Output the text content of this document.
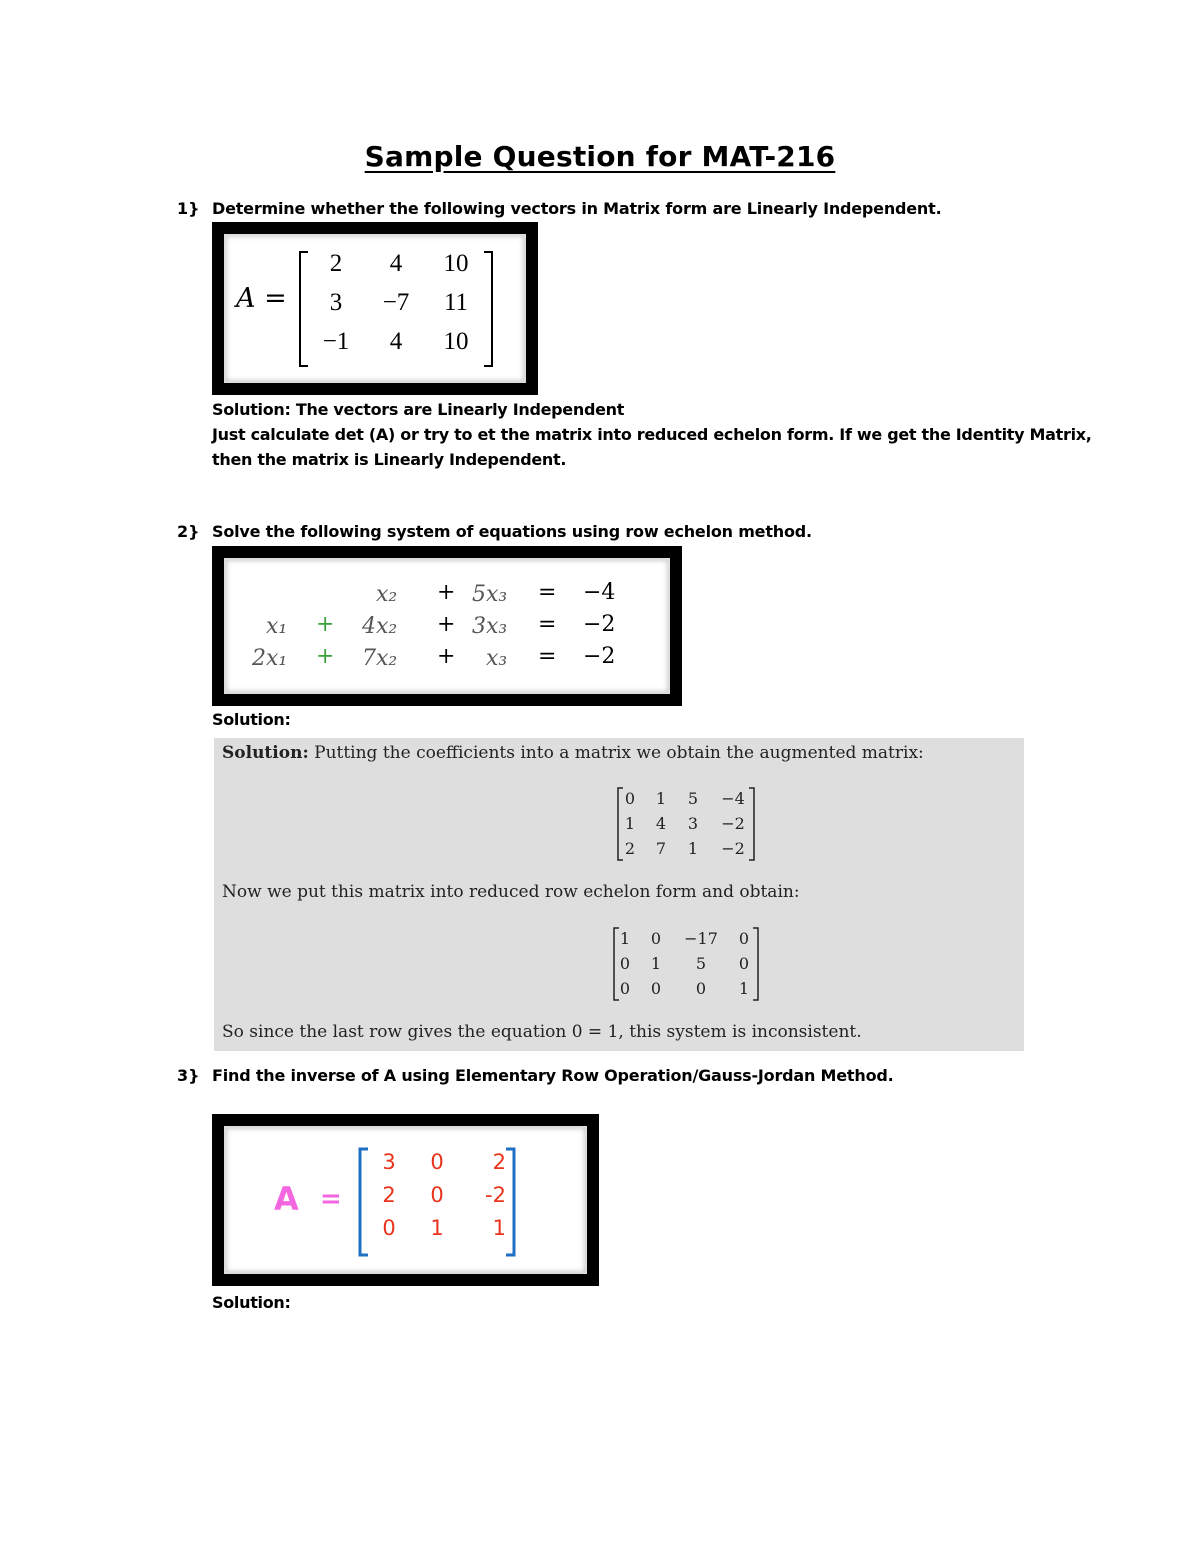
Sample Question for MAT-216
1} Determine whether the following vectors in Matrix form are Linearly Independent.
A =
2	4	10
3	−7	11
−1	4	10
Solution: The vectors are Linearly Independent
Just calculate det (A) or try to et the matrix into reduced echelon form. If we get the Identity Matrix,
then the matrix is Linearly Independent.
2} Solve the following system of equations using row echelon method.
x₂ + 5x₃ = −4
x₁ + 4x₂ + 3x₃ = −2
2x₁ + 7x₂ + x₃ = −2
Solution:
Solution: Putting the coefficients into a matrix we obtain the augmented matrix:
0 1 5 −4
1 4 3 −2
2 7 1 −2
Now we put this matrix into reduced row echelon form and obtain:
1 0 −17 0
0 1	5	0
0 0	0	1
So since the last row gives the equation 0 = 1, this system is inconsistent.
3} Find the inverse of A using Elementary Row Operation/Gauss-Jordan Method.
A =
3	0	2
2	0	-2
0	1	1
Solution:
